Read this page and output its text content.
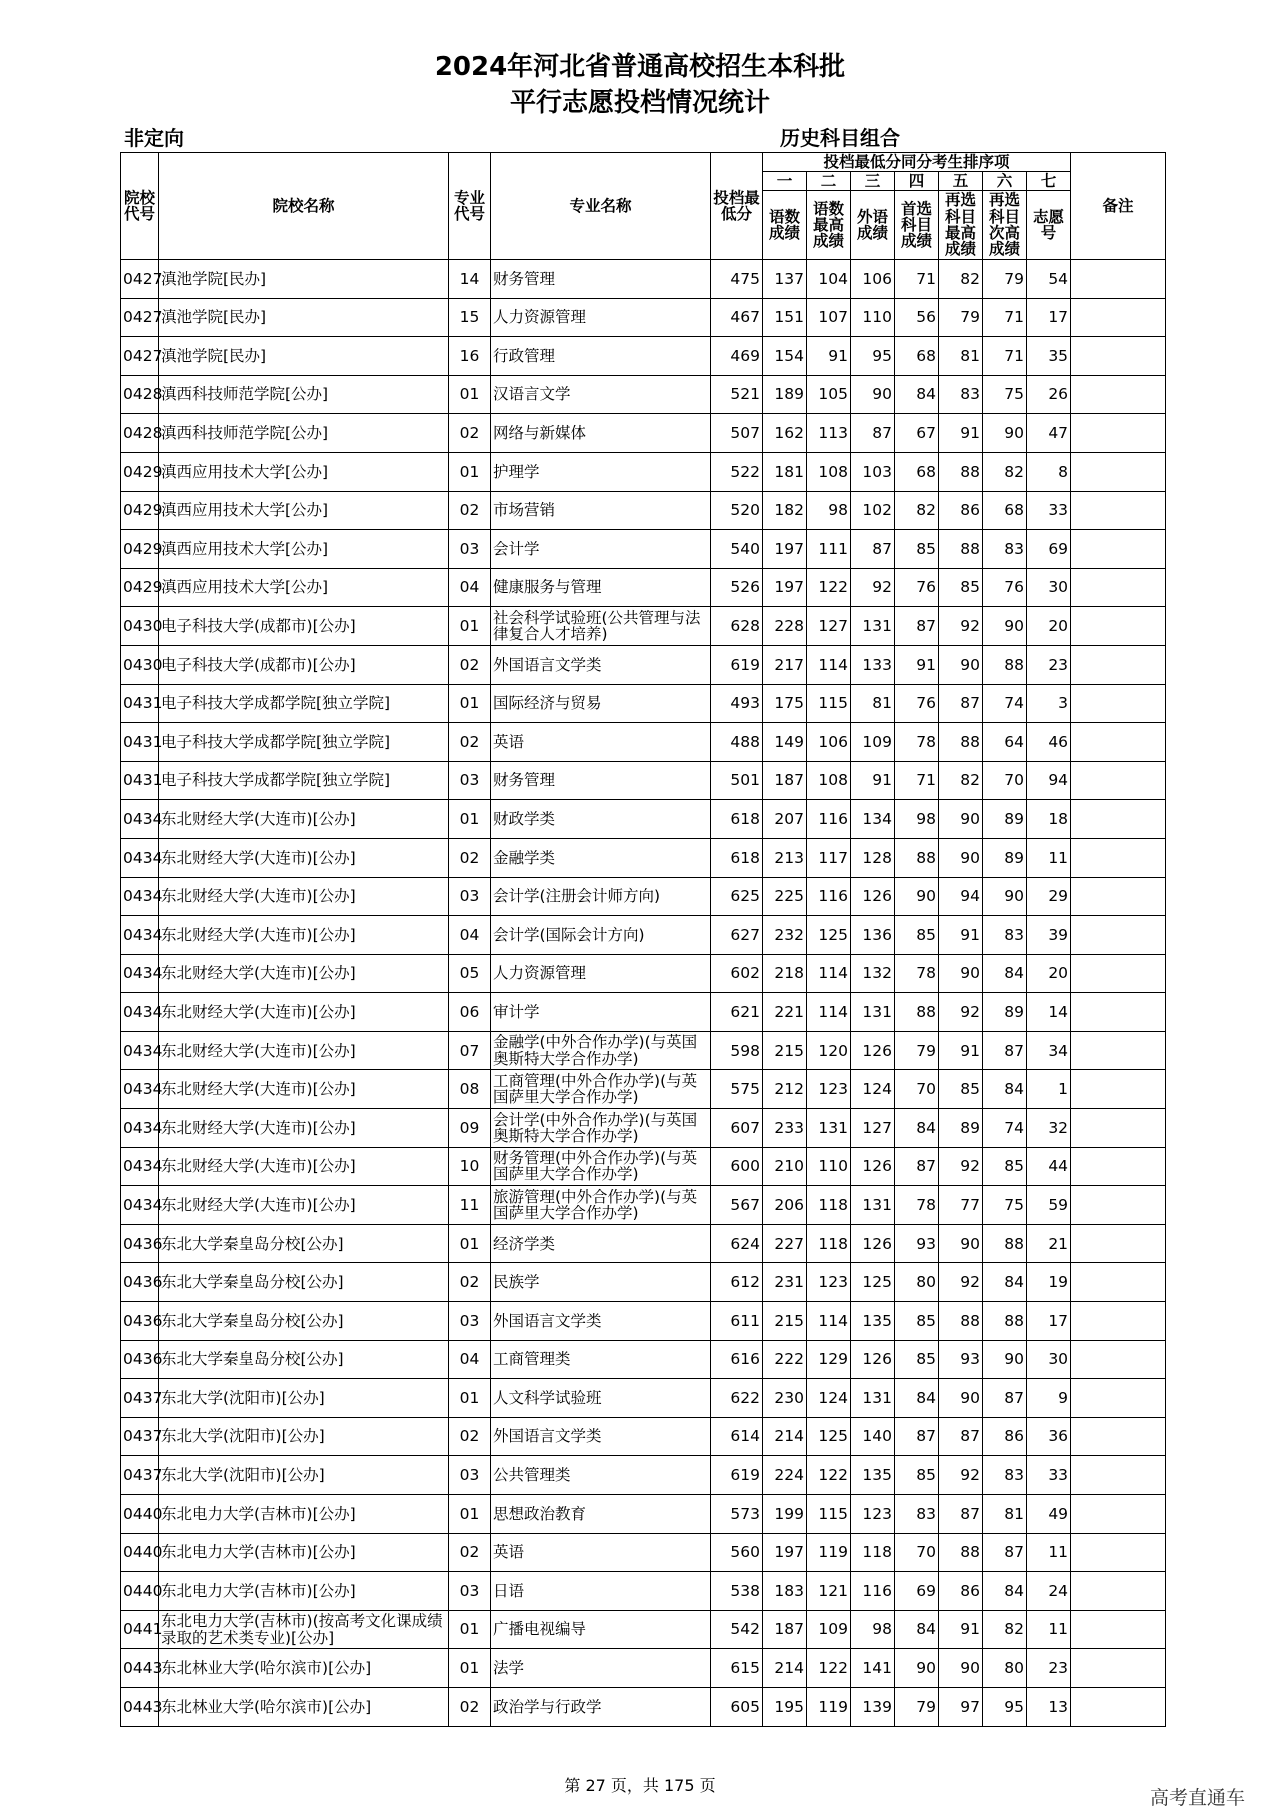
2024年河北省普通高校招生本科批
平行志愿投档情况统计
非定向	历史科目组合
院校代号	院校名称	专业代号	专业名称	投档最低分	投档最低分同分考生排序项							备注
					一	二	三	四	五	六	七	
					语数成绩	语数最高成绩	外语成绩	首选科目成绩	再选科目最高成绩	再选科目次高成绩	志愿号	
0427	滇池学院[民办]	14	财务管理	475	137	104	106	71	82	79	54	
0427	滇池学院[民办]	15	人力资源管理	467	151	107	110	56	79	71	17	
0427	滇池学院[民办]	16	行政管理	469	154	91	95	68	81	71	35	
0428	滇西科技师范学院[公办]	01	汉语言文学	521	189	105	90	84	83	75	26	
0428	滇西科技师范学院[公办]	02	网络与新媒体	507	162	113	87	67	91	90	47	
0429	滇西应用技术大学[公办]	01	护理学	522	181	108	103	68	88	82	8	
0429	滇西应用技术大学[公办]	02	市场营销	520	182	98	102	82	86	68	33	
0429	滇西应用技术大学[公办]	03	会计学	540	197	111	87	85	88	83	69	
0429	滇西应用技术大学[公办]	04	健康服务与管理	526	197	122	92	76	85	76	30	
0430	电子科技大学(成都市)[公办]	01	社会科学试验班(公共管理与法律复合人才培养)	628	228	127	131	87	92	90	20	
0430	电子科技大学(成都市)[公办]	02	外国语言文学类	619	217	114	133	91	90	88	23	
0431	电子科技大学成都学院[独立学院]	01	国际经济与贸易	493	175	115	81	76	87	74	3	
0431	电子科技大学成都学院[独立学院]	02	英语	488	149	106	109	78	88	64	46	
0431	电子科技大学成都学院[独立学院]	03	财务管理	501	187	108	91	71	82	70	94	
0434	东北财经大学(大连市)[公办]	01	财政学类	618	207	116	134	98	90	89	18	
0434	东北财经大学(大连市)[公办]	02	金融学类	618	213	117	128	88	90	89	11	
0434	东北财经大学(大连市)[公办]	03	会计学(注册会计师方向)	625	225	116	126	90	94	90	29	
0434	东北财经大学(大连市)[公办]	04	会计学(国际会计方向)	627	232	125	136	85	91	83	39	
0434	东北财经大学(大连市)[公办]	05	人力资源管理	602	218	114	132	78	90	84	20	
0434	东北财经大学(大连市)[公办]	06	审计学	621	221	114	131	88	92	89	14	
0434	东北财经大学(大连市)[公办]	07	金融学(中外合作办学)(与英国奥斯特大学合作办学)	598	215	120	126	79	91	87	34	
0434	东北财经大学(大连市)[公办]	08	工商管理(中外合作办学)(与英国萨里大学合作办学)	575	212	123	124	70	85	84	1	
0434	东北财经大学(大连市)[公办]	09	会计学(中外合作办学)(与英国奥斯特大学合作办学)	607	233	131	127	84	89	74	32	
0434	东北财经大学(大连市)[公办]	10	财务管理(中外合作办学)(与英国萨里大学合作办学)	600	210	110	126	87	92	85	44	
0434	东北财经大学(大连市)[公办]	11	旅游管理(中外合作办学)(与英国萨里大学合作办学)	567	206	118	131	78	77	75	59	
0436	东北大学秦皇岛分校[公办]	01	经济学类	624	227	118	126	93	90	88	21	
0436	东北大学秦皇岛分校[公办]	02	民族学	612	231	123	125	80	92	84	19	
0436	东北大学秦皇岛分校[公办]	03	外国语言文学类	611	215	114	135	85	88	88	17	
0436	东北大学秦皇岛分校[公办]	04	工商管理类	616	222	129	126	85	93	90	30	
0437	东北大学(沈阳市)[公办]	01	人文科学试验班	622	230	124	131	84	90	87	9	
0437	东北大学(沈阳市)[公办]	02	外国语言文学类	614	214	125	140	87	87	86	36	
0437	东北大学(沈阳市)[公办]	03	公共管理类	619	224	122	135	85	92	83	33	
0440	东北电力大学(吉林市)[公办]	01	思想政治教育	573	199	115	123	83	87	81	49	
0440	东北电力大学(吉林市)[公办]	02	英语	560	197	119	118	70	88	87	11	
0440	东北电力大学(吉林市)[公办]	03	日语	538	183	121	116	69	86	84	24	
0441	东北电力大学(吉林市)(按高考文化课成绩录取的艺术类专业)[公办]	01	广播电视编导	542	187	109	98	84	91	82	11	
0443	东北林业大学(哈尔滨市)[公办]	01	法学	615	214	122	141	90	90	80	23	
0443	东北林业大学(哈尔滨市)[公办]	02	政治学与行政学	605	195	119	139	79	97	95	13	
第 27 页，共 175 页
高考直通车
